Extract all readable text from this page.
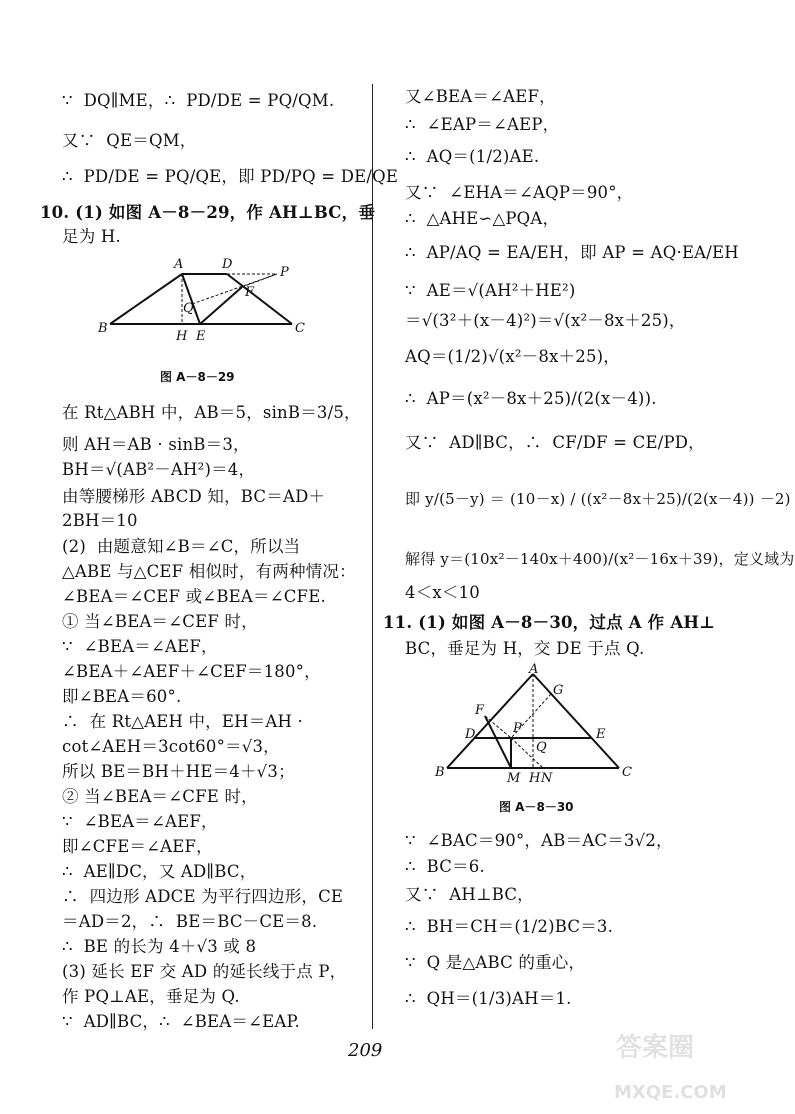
∵  DQ∥ME，∴  PD/DE = PQ/QM.
又∵  QE＝QM，
∴  PD/DE = PQ/QE，即 PD/PQ = DE/QE
10. (1) 如图 A－8－29，作 AH⊥BC，垂
足为 H.
A	D
P
F
Q
B
H E
C
图 A－8－29
在 Rt△ABH 中，AB＝5，sinB＝3/5，
则 AH＝AB · sinB＝3，
BH＝√(AB²－AH²)＝4，
由等腰梯形 ABCD 知，BC＝AD＋
2BH＝10
(2)  由题意知∠B＝∠C，所以当
△ABE 与△CEF 相似时，有两种情况：
∠BEA＝∠CEF 或∠BEA＝∠CFE.
① 当∠BEA＝∠CEF 时，
∵  ∠BEA＝∠AEF，
∠BEA＋∠AEF＋∠CEF＝180°，
即∠BEA＝60°.
∴  在 Rt△AEH 中，EH＝AH ·
cot∠AEH＝3cot60°＝√3，
所以 BE＝BH＋HE＝4＋√3；
② 当∠BEA＝∠CFE 时，
∵  ∠BEA＝∠AEF，
即∠CFE＝∠AEF，
∴  AE∥DC，又 AD∥BC，
∴  四边形 ADCE 为平行四边形，CE
＝AD＝2，∴  BE＝BC－CE＝8.
∴  BE 的长为 4＋√3 或 8
(3) 延长 EF 交 AD 的延长线于点 P，
作 PQ⊥AE，垂足为 Q.
∵  AD∥BC，∴  ∠BEA＝∠EAP.
又∠BEA＝∠AEF，
∴  ∠EAP＝∠AEP，
∴  AQ＝(1/2)AE.
又∵  ∠EHA＝∠AQP＝90°，
∴  △AHE∽△PQA，
∴  AP/AQ = EA/EH，即 AP = AQ·EA/EH
∵  AE＝√(AH²＋HE²)
＝√(3²＋(x－4)²)＝√(x²－8x＋25)，
AQ＝(1/2)√(x²－8x＋25)，
∴  AP＝(x²－8x＋25)/(2(x－4)).
又∵  AD∥BC，∴  CF/DF = CE/PD，
即 y/(5－y) ＝ (10－x) / ((x²－8x＋25)/(2(x－4)) －2)
解得 y＝(10x²－140x＋400)/(x²－16x＋39)，定义域为
4＜x＜10
11. (1) 如图 A－8－30，过点 A 作 AH⊥
BC，垂足为 H，交 DE 于点 Q.
A
G
F
P
D	E
Q
B	M H N	C
图 A－8－30
∵  ∠BAC＝90°，AB＝AC＝3√2，
∴  BC＝6.
又∵  AH⊥BC，
∴  BH＝CH＝(1/2)BC＝3.
∵  Q 是△ABC 的重心，
∴  QH＝(1/3)AH＝1.
209	答案圈
MXQE.COM
